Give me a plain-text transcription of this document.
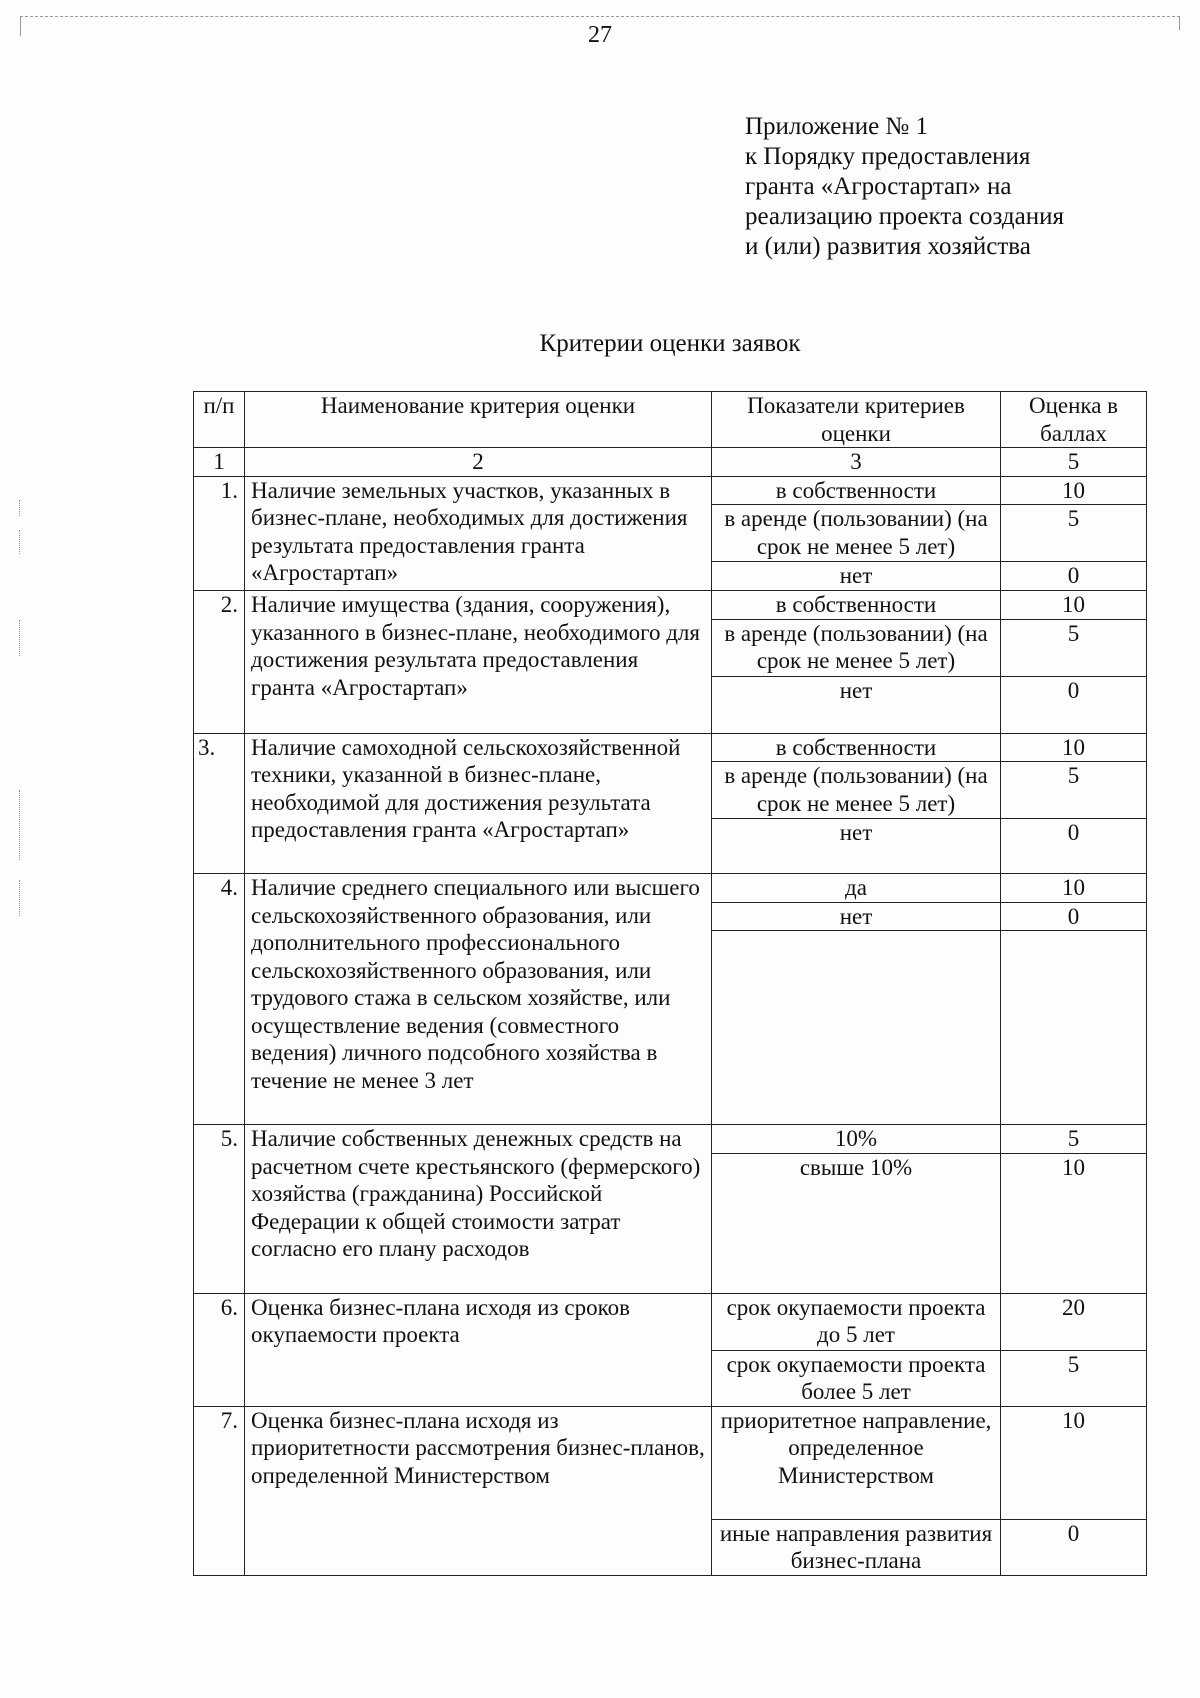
27
Приложение № 1
к Порядку предоставления
гранта «Агростартап» на
реализацию проекта создания
и (или) развития хозяйства
Критерии оценки заявок
п/п	Наименование критерия оценки	Показатели критериев оценки	Оценка в баллах
1	2	3	5
1.	Наличие земельных участков, указанных в бизнес-плане, необходимых для достижения результата предоставления гранта «Агростартап»	в собственности	10
		в аренде (пользовании) (на срок не менее 5 лет)	5
		нет	0
2.	Наличие имущества (здания, сооружения), указанного в бизнес-плане, необходимого для достижения результата предоставления гранта «Агростартап»	в собственности	10
		в аренде (пользовании) (на срок не менее 5 лет)	5
		нет	0
3.	Наличие самоходной сельскохозяйственной техники, указанной в бизнес-плане, необходимой для достижения результата предоставления гранта «Агростартап»	в собственности	10
		в аренде (пользовании) (на срок не менее 5 лет)	5
		нет	0
4.	Наличие среднего специального или высшего сельскохозяйственного образования, или дополнительного профессионального сельскохозяйственного образования, или трудового стажа в сельском хозяйстве, или осуществление ведения (совместного ведения) личного подсобного хозяйства в течение не менее 3 лет	да	10
		нет	0

5.	Наличие собственных денежных средств на расчетном счете крестьянского (фермерского) хозяйства (гражданина) Российской Федерации к общей стоимости затрат согласно его плану расходов	10%	5
		свыше 10%	10
6.	Оценка бизнес-плана исходя из сроков окупаемости проекта	срок окупаемости проекта до 5 лет	20
		срок окупаемости проекта более 5 лет	5
7.	Оценка бизнес-плана исходя из приоритетности рассмотрения бизнес-планов, определенной Министерством	приоритетное направление, определенное Министерством	10
		иные направления развития бизнес-плана	0
